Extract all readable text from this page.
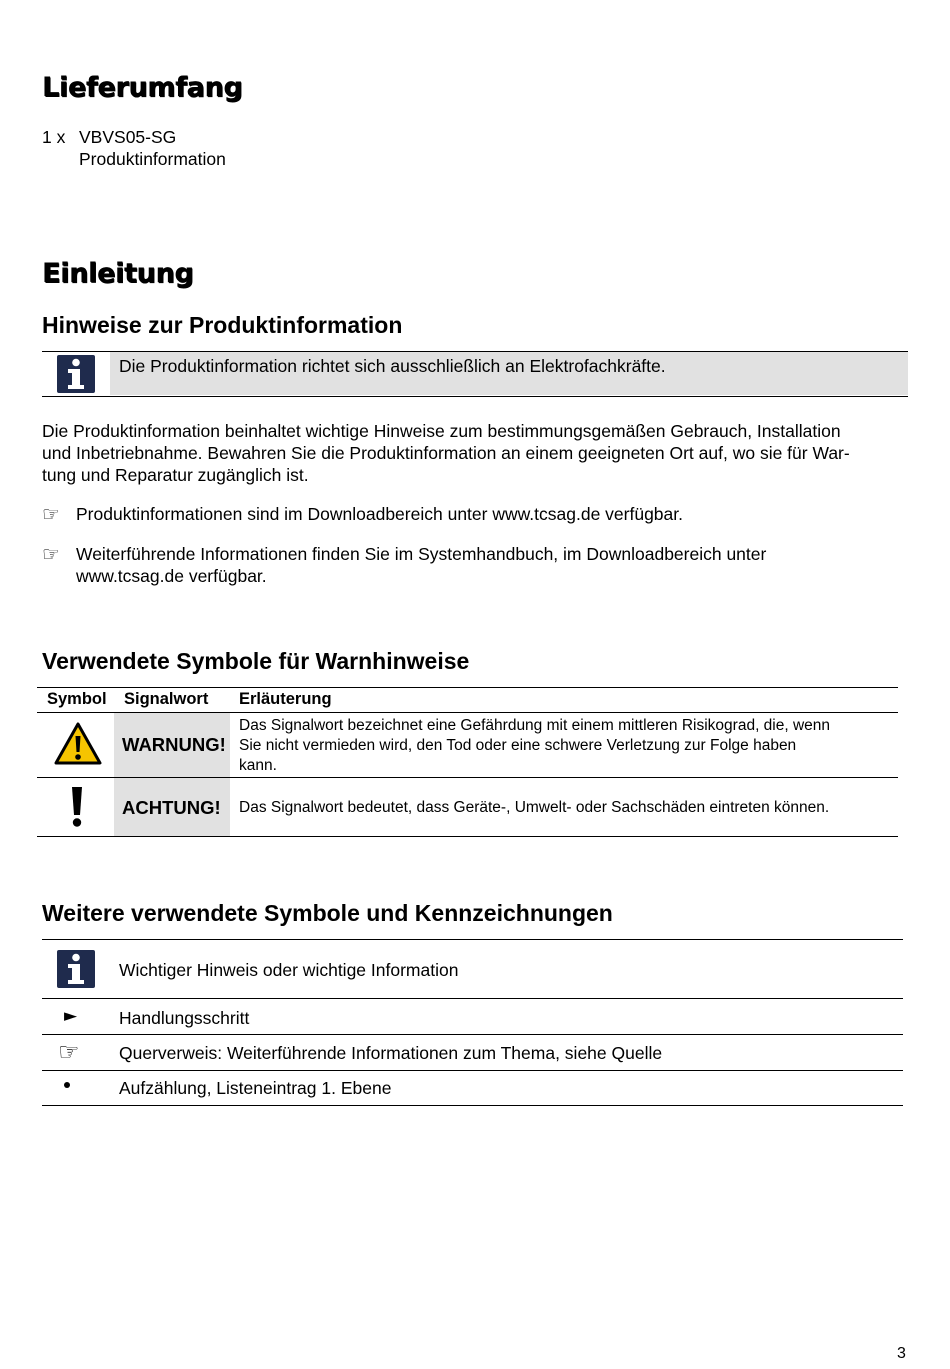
Lieferumfang
1 x VBVS05-SG
Produktinformation
Einleitung
Hinweise zur Produktinformation
Die Produktinformation richtet sich ausschließlich an Elektrofachkräfte.
Die Produktinformation beinhaltet wichtige Hinweise zum bestimmungsgemäßen Gebrauch, Installation
und Inbetriebnahme. Bewahren Sie die Produktinformation an einem geeigneten Ort auf, wo sie für War-
tung und Reparatur zugänglich ist.
☞ Produktinformationen sind im Downloadbereich unter www.tcsag.de verfügbar.
☞ Weiterführende Informationen finden Sie im Systemhandbuch, im Downloadbereich unter
www.tcsag.de verfügbar.
Verwendete Symbole für Warnhinweise
Symbol Signalwort Erläuterung
WARNUNG!
Das Signalwort bezeichnet eine Gefährdung mit einem mittleren Risikograd, die, wenn
Sie nicht vermieden wird, den Tod oder eine schwere Verletzung zur Folge haben
kann.
ACHTUNG! Das Signalwort bedeutet, dass Geräte-, Umwelt- oder Sachschäden eintreten können.
Weitere verwendete Symbole und Kennzeichnungen
Wichtiger Hinweis oder wichtige Information
► Handlungsschritt
☞ Querverweis: Weiterführende Informationen zum Thema, siehe Quelle
Aufzählung, Listeneintrag 1. Ebene
3
